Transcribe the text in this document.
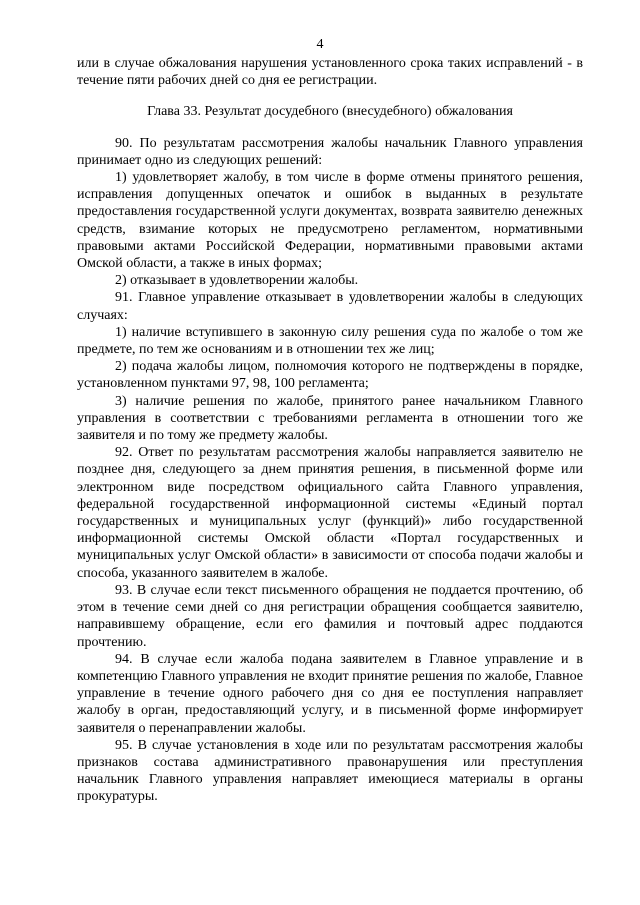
4

или в случае обжалования нарушения установленного срока таких исправлений - в течение пяти рабочих дней со дня ее регистрации.

Глава 33. Результат досудебного (внесудебного) обжалования

90. По результатам рассмотрения жалобы начальник Главного управления принимает одно из следующих решений:

1) удовлетворяет жалобу, в том числе в форме отмены принятого решения, исправления допущенных опечаток и ошибок в выданных в результате предоставления государственной услуги документах, возврата заявителю денежных средств, взимание которых не предусмотрено регламентом, нормативными правовыми актами Российской Федерации, нормативными правовыми актами Омской области, а также в иных формах;

2) отказывает в удовлетворении жалобы.

91. Главное управление отказывает в удовлетворении жалобы в следующих случаях:

1) наличие вступившего в законную силу решения суда по жалобе о том же предмете, по тем же основаниям и в отношении тех же лиц;

2) подача жалобы лицом, полномочия которого не подтверждены в порядке, установленном пунктами 97, 98, 100 регламента;

3) наличие решения по жалобе, принятого ранее начальником Главного управления в соответствии с требованиями регламента в отношении того же заявителя и по тому же предмету жалобы.

92. Ответ по результатам рассмотрения жалобы направляется заявителю не позднее дня, следующего за днем принятия решения, в письменной форме или электронном виде посредством официального сайта Главного управления, федеральной государственной информационной системы «Единый портал государственных и муниципальных услуг (функций)» либо государственной информационной системы Омской области «Портал государственных и муниципальных услуг Омской области» в зависимости от способа подачи жалобы и способа, указанного заявителем в жалобе.

93. В случае если текст письменного обращения не поддается прочтению, об этом в течение семи дней со дня регистрации обращения сообщается заявителю, направившему обращение, если его фамилия и почтовый адрес поддаются прочтению.

94. В случае если жалоба подана заявителем в Главное управление и в компетенцию Главного управления не входит принятие решения по жалобе, Главное управление в течение одного рабочего дня со дня ее поступления направляет жалобу в орган, предоставляющий услугу, и в письменной форме информирует заявителя о перенаправлении жалобы.

95. В случае установления в ходе или по результатам рассмотрения жалобы признаков состава административного правонарушения или преступления начальник Главного управления направляет имеющиеся материалы в органы прокуратуры.
